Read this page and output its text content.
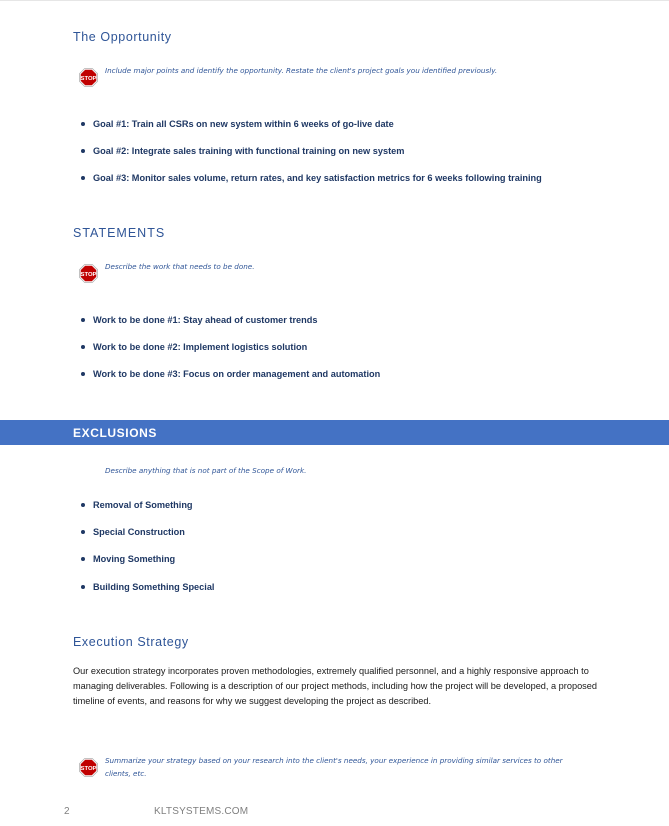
The Opportunity
STOP
Include major points and identify the opportunity. Restate the client's project goals you identified previously.
Goal #1: Train all CSRs on new system within 6 weeks of go-live date
Goal #2: Integrate sales training with functional training on new system
Goal #3: Monitor sales volume, return rates, and key satisfaction metrics for 6 weeks following training
STATEMENTS
STOP
Describe the work that needs to be done.
Work to be done #1: Stay ahead of customer trends
Work to be done #2: Implement logistics solution
Work to be done #3: Focus on order management and automation
EXCLUSIONS
Describe anything that is not part of the Scope of Work.
Removal of Something
Special Construction
Moving Something
Building Something Special
Execution Strategy
Our execution strategy incorporates proven methodologies, extremely qualified personnel, and a highly responsive approach to managing deliverables. Following is a description of our project methods, including how the project will be developed, a proposed timeline of events, and reasons for why we suggest developing the project as described.
STOP
Summarize your strategy based on your research into the client's needs, your experience in providing similar services to other clients, etc.
2	KLTSYSTEMS.COM
